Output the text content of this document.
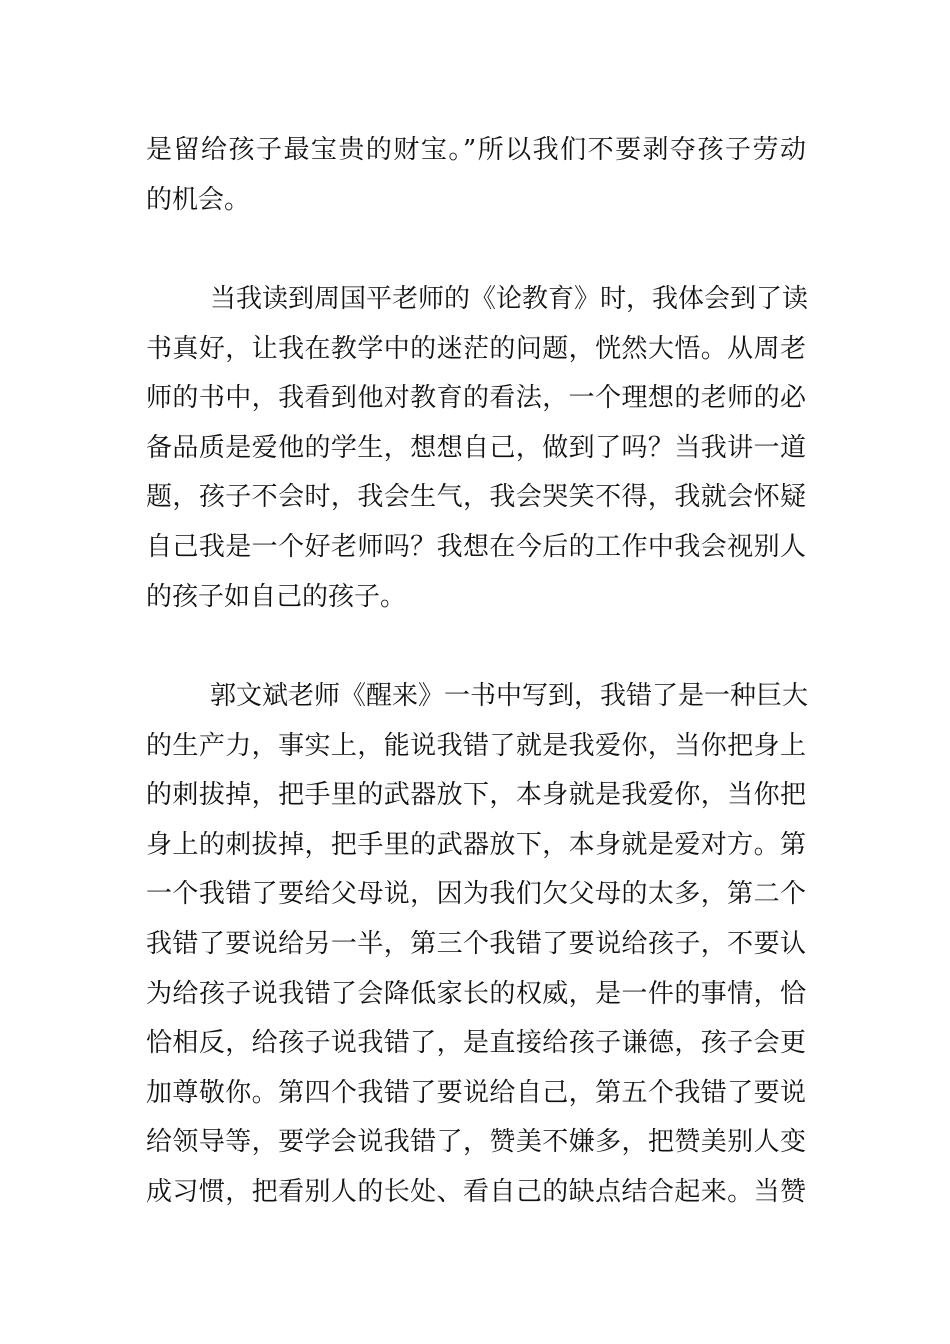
是留给孩子最宝贵的财宝。”所以我们不要剥夺孩子劳动
的机会。

当我读到周国平老师的《论教育》时，我体会到了读
书真好，让我在教学中的迷茫的问题，恍然大悟。从周老
师的书中，我看到他对教育的看法，一个理想的老师的必
备品质是爱他的学生，想想自己，做到了吗？当我讲一道
题，孩子不会时，我会生气，我会哭笑不得，我就会怀疑
自己我是一个好老师吗？我想在今后的工作中我会视别人
的孩子如自己的孩子。

郭文斌老师《醒来》一书中写到，我错了是一种巨大
的生产力，事实上，能说我错了就是我爱你，当你把身上
的刺拔掉，把手里的武器放下，本身就是我爱你，当你把
身上的刺拔掉，把手里的武器放下，本身就是爱对方。第
一个我错了要给父母说，因为我们欠父母的太多，第二个
我错了要说给另一半，第三个我错了要说给孩子，不要认
为给孩子说我错了会降低家长的权威，是一件的事情，恰
恰相反，给孩子说我错了，是直接给孩子谦德，孩子会更
加尊敬你。第四个我错了要说给自己，第五个我错了要说
给领导等，要学会说我错了，赞美不嫌多，把赞美别人变
成习惯，把看别人的长处、看自己的缺点结合起来。当赞
